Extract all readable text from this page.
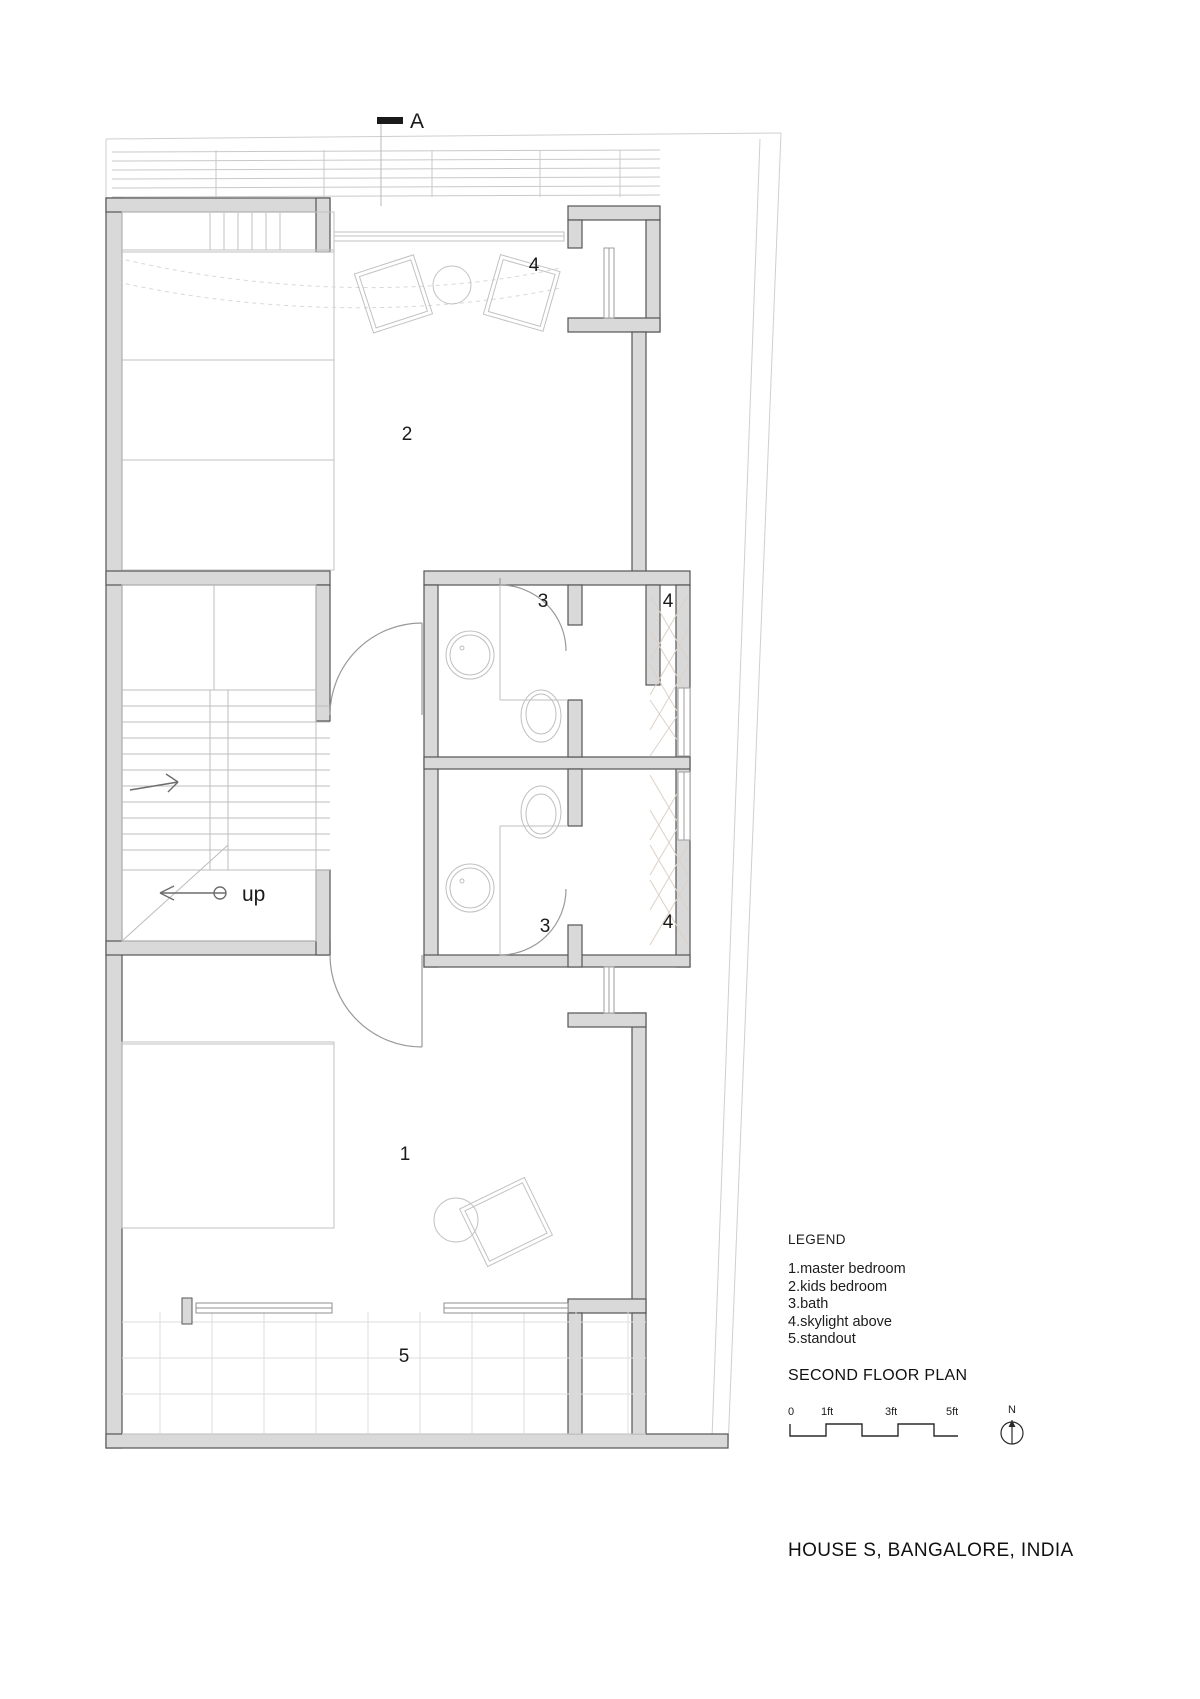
A
up
2
1
3
3
4
4
4
5
LEGEND
1.master bedroom
2.kids bedroom
3.bath
4.skylight above
5.standout
SECOND FLOOR PLAN
0 1ft	3ft	5ft	N
HOUSE S, BANGALORE, INDIA
